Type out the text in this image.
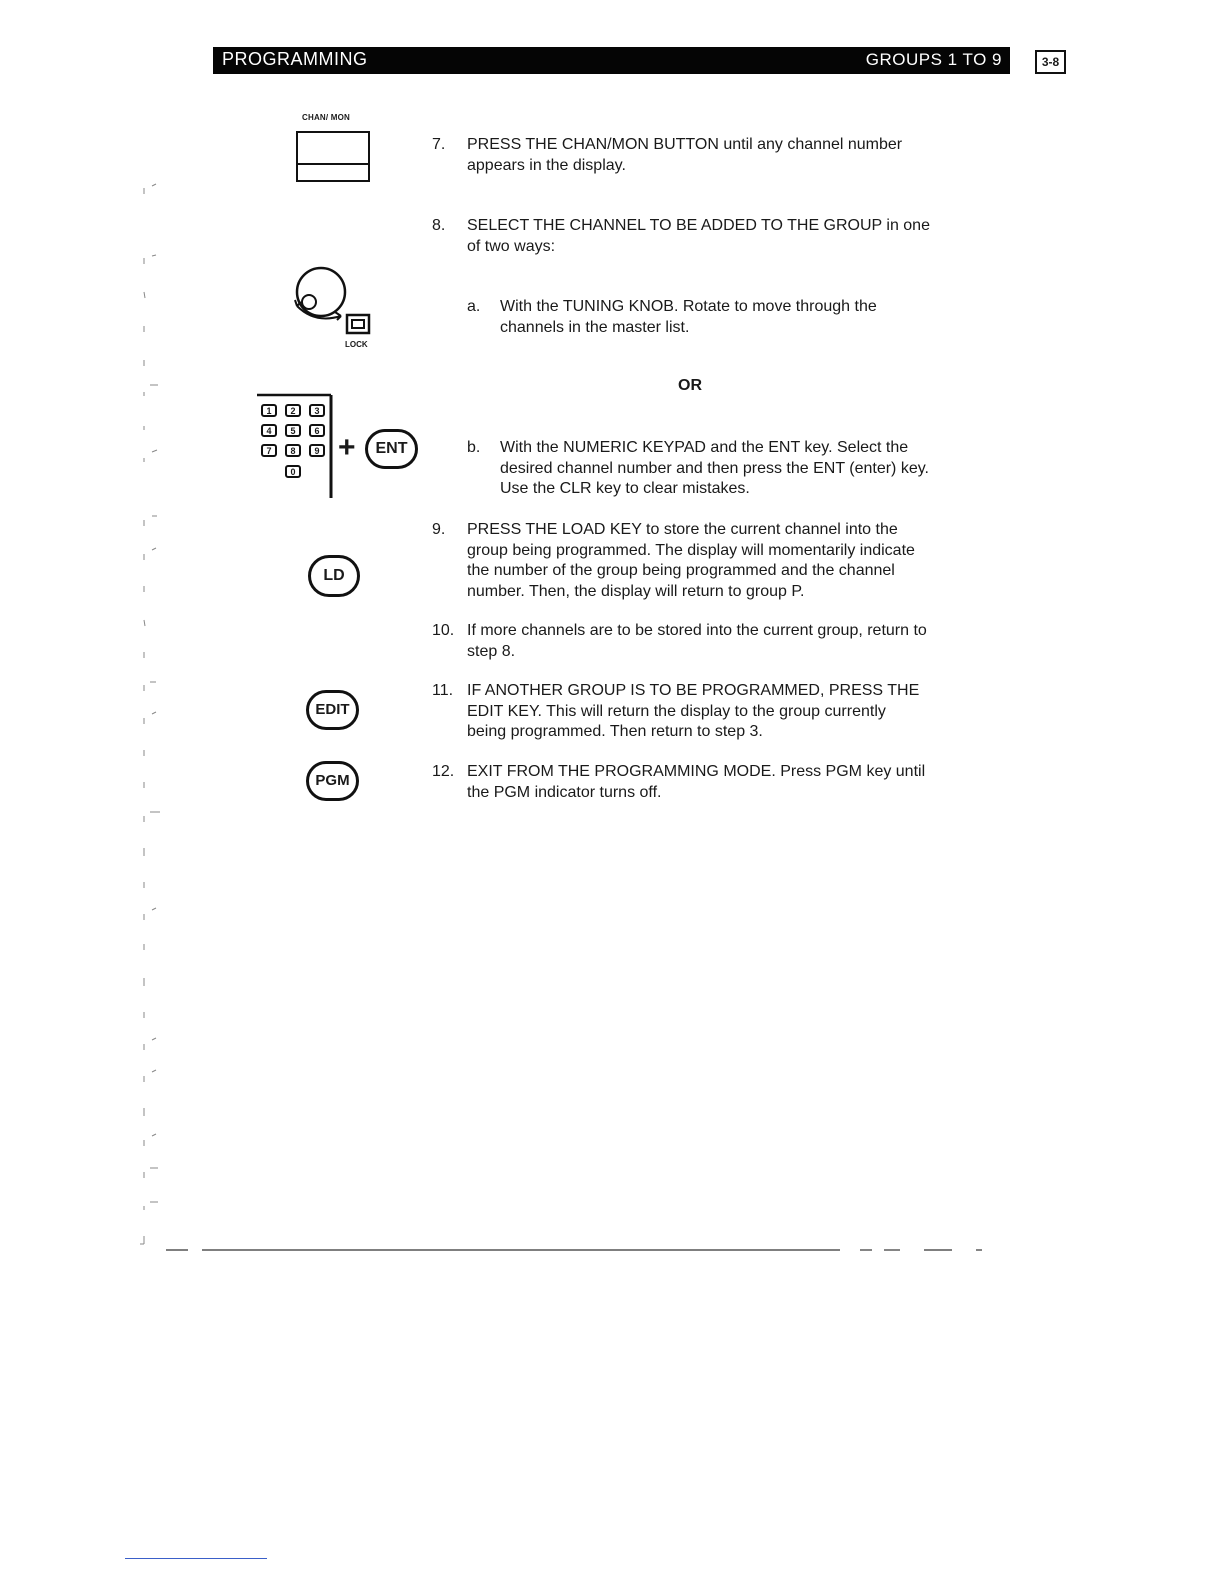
PROGRAMMING	GROUPS 1 TO 9	3-8
CHAN/ MON
LOCK
1	2	3
4	5	6
7	8	9
0
+	ENT
LD
EDIT
PGM
7. PRESS THE CHAN/MON BUTTON until any channel number
appears in the display.
8. SELECT THE CHANNEL TO BE ADDED TO THE GROUP in one
of two ways:
a. With the TUNING KNOB. Rotate to move through the
channels in the master list.
OR
b. With the NUMERIC KEYPAD and the ENT key. Select the
desired channel number and then press the ENT (enter) key.
Use the CLR key to clear mistakes.
9. PRESS THE LOAD KEY to store the current channel into the
group being programmed. The display will momentarily indicate
the number of the group being programmed and the channel
number. Then, the display will return to group P.
10. If more channels are to be stored into the current group, return to
step 8.
11. IF ANOTHER GROUP IS TO BE PROGRAMMED, PRESS THE
EDIT KEY. This will return the display to the group currently
being programmed. Then return to step 3.
12. EXIT FROM THE PROGRAMMING MODE. Press PGM key until
the PGM indicator turns off.
